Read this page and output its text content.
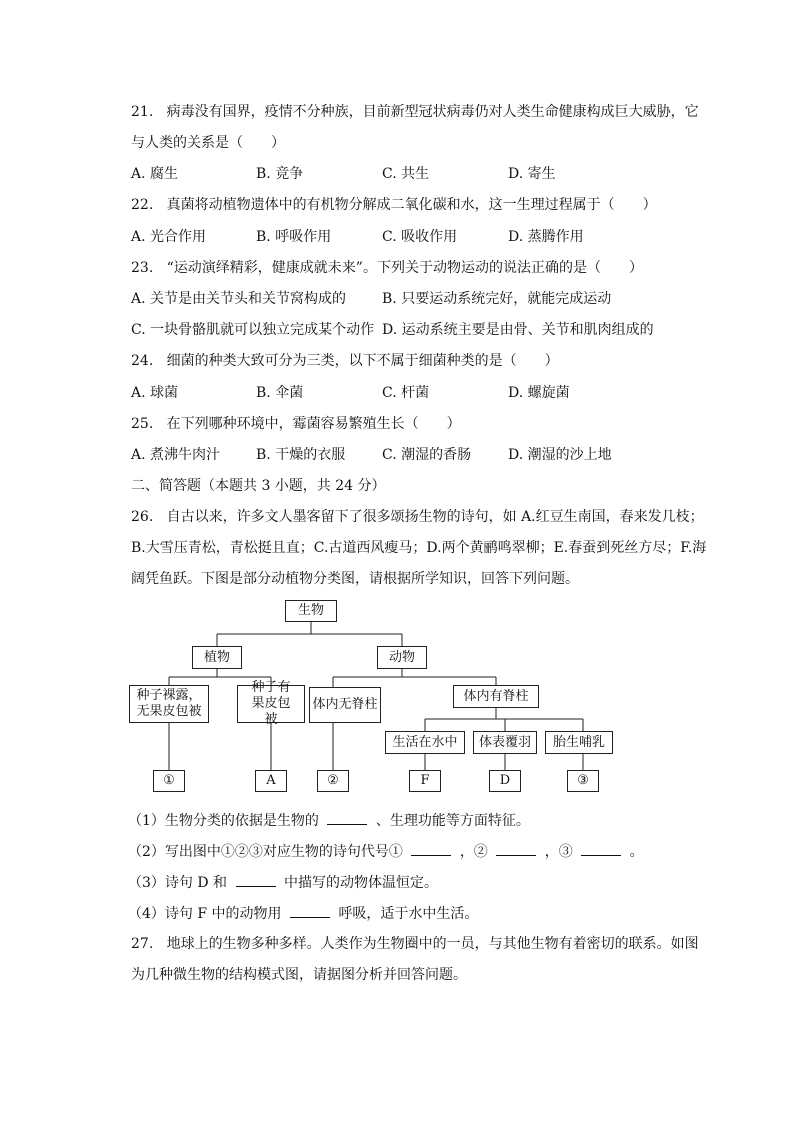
21. 病毒没有国界，疫情不分种族，目前新型冠状病毒仍对人类生命健康构成巨大威胁，它
与人类的关系是（　　）
A. 腐生	B. 竞争	C. 共生	D. 寄生
22. 真菌将动植物遗体中的有机物分解成二氧化碳和水，这一生理过程属于（　　）
A. 光合作用	B. 呼吸作用	C. 吸收作用	D. 蒸腾作用
23. “运动演绎精彩，健康成就未来”。下列关于动物运动的说法正确的是（　　）
A. 关节是由关节头和关节窝构成的	B. 只要运动系统完好，就能完成运动
C. 一块骨骼肌就可以独立完成某个动作 D. 运动系统主要是由骨、关节和肌肉组成的
24. 细菌的种类大致可分为三类，以下不属于细菌种类的是（　　）
A. 球菌	B. 伞菌	C. 杆菌	D. 螺旋菌
25. 在下列哪种环境中，霉菌容易繁殖生长（　　）
A. 煮沸牛肉汁	B. 干燥的衣服	C. 潮湿的香肠	D. 潮湿的沙上地
二、简答题（本题共 3 小题，共 24 分）
26. 自古以来，许多文人墨客留下了很多颂扬生物的诗句，如 A.红豆生南国，春来发几枝；
B.大雪压青松，青松挺且直；C.古道西风瘦马；D.两个黄鹂鸣翠柳；E.春蚕到死丝方尽；F.海
阔凭鱼跃。下图是部分动植物分类图，请根据所学知识，回答下列问题。
生物
植物	动物
种子裸露，无果皮包被
种子有果皮包被
体内无脊柱
体内有脊柱
生活在水中	体表覆羽	胎生哺乳
①	A	②	F	D	③
（1）生物分类的依据是生物的	、生理功能等方面特征。
（2）写出图中①②③对应生物的诗句代号①	，②	，③	。
（3）诗句 D 和	中描写的动物体温恒定。
（4）诗句 F 中的动物用	呼吸，适于水中生活。
27. 地球上的生物多种多样。人类作为生物圈中的一员，与其他生物有着密切的联系。如图
为几种微生物的结构模式图，请据图分析并回答问题。
